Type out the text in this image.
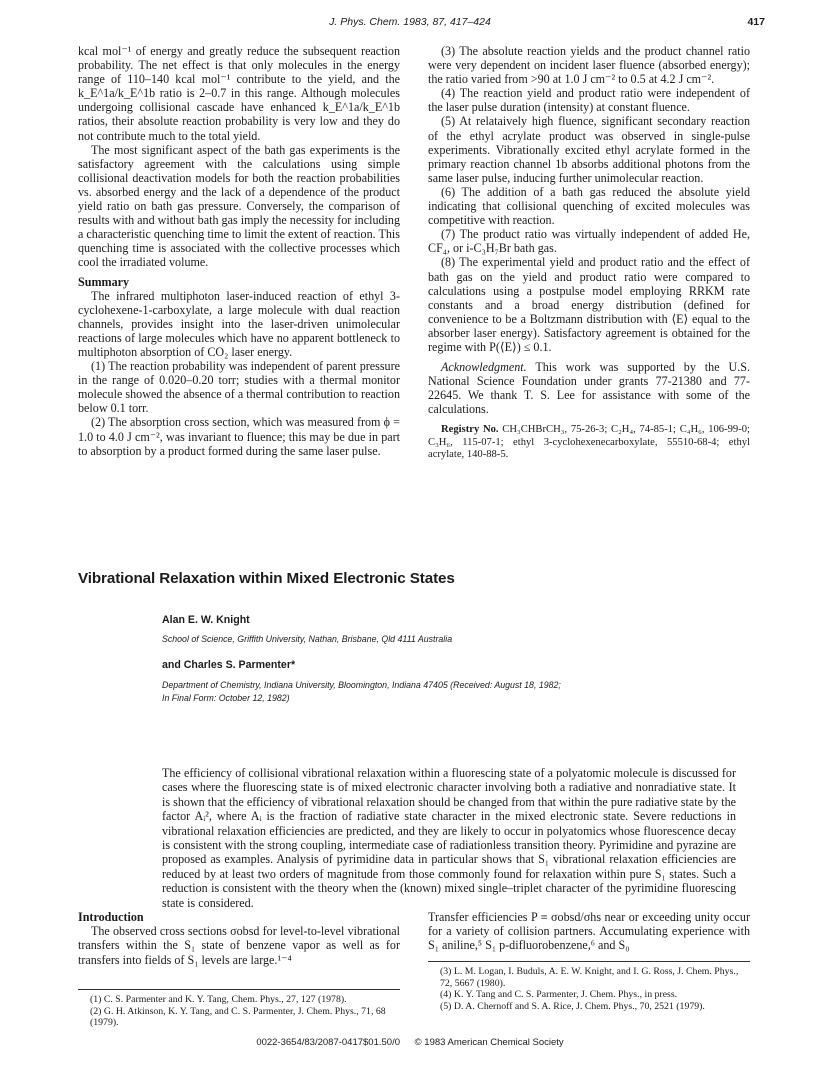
J. Phys. Chem. 1983, 87, 417–424	417

kcal mol⁻¹ of energy and greatly reduce the subsequent reaction probability. The net effect is that only molecules in the energy range of 110–140 kcal mol⁻¹ contribute to the yield, and the k_E^1a/k_E^1b ratio is 2–0.7 in this range. Although molecules undergoing collisional cascade have enhanced k_E^1a/k_E^1b ratios, their absolute reaction probability is very low and they do not contribute much to the total yield.

The most significant aspect of the bath gas experiments is the satisfactory agreement with the calculations using simple collisional deactivation models for both the reaction probabilities vs. absorbed energy and the lack of a dependence of the product yield ratio on bath gas pressure. Conversely, the comparison of results with and without bath gas imply the necessity for including a characteristic quenching time to limit the extent of reaction. This quenching time is associated with the collective processes which cool the irradiated volume.

Summary

The infrared multiphoton laser-induced reaction of ethyl 3-cyclohexene-1-carboxylate, a large molecule with dual reaction channels, provides insight into the laser-driven unimolecular reactions of large molecules which have no apparent bottleneck to multiphoton absorption of CO₂ laser energy.

(1) The reaction probability was independent of parent pressure in the range of 0.020–0.20 torr; studies with a thermal monitor molecule showed the absence of a thermal contribution to reaction below 0.1 torr.

(2) The absorption cross section, which was measured from ϕ = 1.0 to 4.0 J cm⁻², was invariant to fluence; this may be due in part to absorption by a product formed during the same laser pulse.

(3) The absolute reaction yields and the product channel ratio were very dependent on incident laser fluence (absorbed energy); the ratio varied from >90 at 1.0 J cm⁻² to 0.5 at 4.2 J cm⁻².

(4) The reaction yield and product ratio were independent of the laser pulse duration (intensity) at constant fluence.

(5) At relataively high fluence, significant secondary reaction of the ethyl acrylate product was observed in single-pulse experiments. Vibrationally excited ethyl acrylate formed in the primary reaction channel 1b absorbs additional photons from the same laser pulse, inducing further unimolecular reaction.

(6) The addition of a bath gas reduced the absolute yield indicating that collisional quenching of excited molecules was competitive with reaction.

(7) The product ratio was virtually independent of added He, CF₄, or i-C₃H₇Br bath gas.

(8) The experimental yield and product ratio and the effect of bath gas on the yield and product ratio were compared to calculations using a postpulse model employing RRKM rate constants and a broad energy distribution (defined for convenience to be a Boltzmann distribution with ⟨E⟩ equal to the absorber laser energy). Satisfactory agreement is obtained for the regime with P(⟨E⟩) ≤ 0.1.

Acknowledgment. This work was supported by the U.S. National Science Foundation under grants 77-21380 and 77-22645. We thank T. S. Lee for assistance with some of the calculations.

Registry No. CH₃CHBrCH₃, 75-26-3; C₂H₄, 74-85-1; C₄H₆, 106-99-0; C₃H₆, 115-07-1; ethyl 3-cyclohexenecarboxylate, 55510-68-4; ethyl acrylate, 140-88-5.

Vibrational Relaxation within Mixed Electronic States
Alan E. W. Knight
School of Science, Griffith University, Nathan, Brisbane, Qld 4111 Australia
and Charles S. Parmenter*
Department of Chemistry, Indiana University, Bloomington, Indiana 47405 (Received: August 18, 1982;
In Final Form: October 12, 1982)
The efficiency of collisional vibrational relaxation within a fluorescing state of a polyatomic molecule is discussed for cases where the fluorescing state is of mixed electronic character involving both a radiative and nonradiative state. It is shown that the efficiency of vibrational relaxation should be changed from that within the pure radiative state by the factor Aᵢ², where Aᵢ is the fraction of radiative state character in the mixed electronic state. Severe reductions in vibrational relaxation efficiencies are predicted, and they are likely to occur in polyatomics whose fluorescence decay is consistent with the strong coupling, intermediate case of radiationless transition theory. Pyrimidine and pyrazine are proposed as examples. Analysis of pyrimidine data in particular shows that S₁ vibrational relaxation efficiencies are reduced by at least two orders of magnitude from those commonly found for relaxation within pure S₁ states. Such a reduction is consistent with the theory when the (known) mixed single–triplet character of the pyrimidine fluorescing state is considered.
Introduction
The observed cross sections σobsd for level-to-level vibrational transfers within the S₁ state of benzene vapor as well as for transfers into fields of S₁ levels are large.¹⁻⁴
Transfer efficiencies P ≡ σobsd/σhs near or exceeding unity occur for a variety of collision partners. Accumulating experience with S₁ aniline,⁵ S₁ p-difluorobenzene,⁶ and S₀

(1) C. S. Parmenter and K. Y. Tang, Chem. Phys., 27, 127 (1978).

(2) G. H. Atkinson, K. Y. Tang, and C. S. Parmenter, J. Chem. Phys., 71, 68 (1979).

(3) L. M. Logan, I. Buduls, A. E. W. Knight, and I. G. Ross, J. Chem. Phys., 72, 5667 (1980).

(4) K. Y. Tang and C. S. Parmenter, J. Chem. Phys., in press.

(5) D. A. Chernoff and S. A. Rice, J. Chem. Phys., 70, 2521 (1979).

0022-3654/83/2087-0417$01.50/0 © 1983 American Chemical Society
